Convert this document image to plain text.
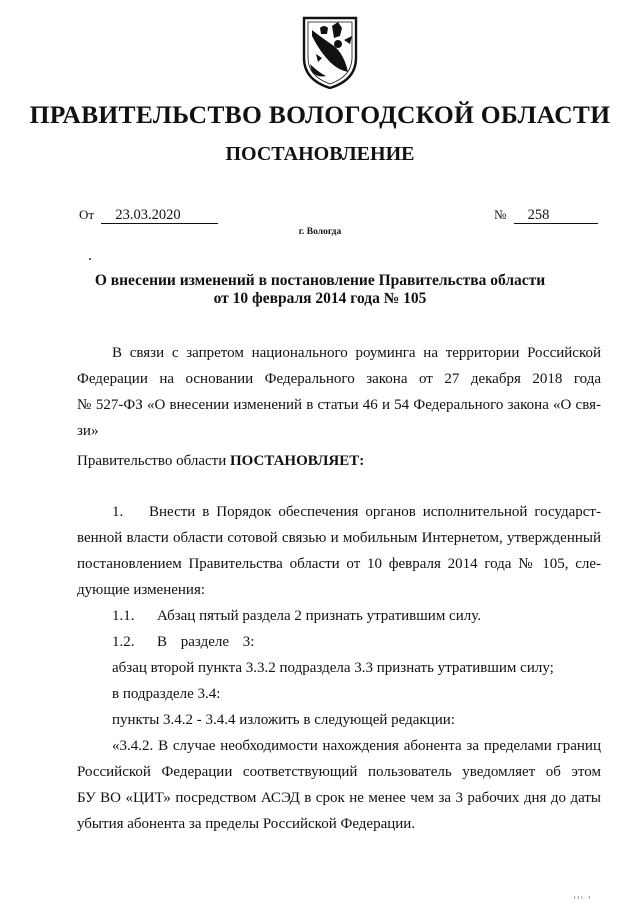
ПРАВИТЕЛЬСТВО ВОЛОГОДСКОЙ ОБЛАСТИ
ПОСТАНОВЛЕНИЕ
От 23.03.2020	№ 258
г. Вологда
О внесении изменений в постановление Правительства области
от 10 февраля 2014 года № 105
В связи с запретом национального роуминга на территории Российской
Федерации на основании Федерального закона от 27 декабря 2018 года
№ 527-ФЗ «О внесении изменений в статьи 46 и 54 Федерального закона «О свя-
зи»
Правительство области ПОСТАНОВЛЯЕТ:
1. Внести в Порядок обеспечения органов исполнительной государст-
венной власти области сотовой связью и мобильным Интернетом, утвержденный
постановлением Правительства области от 10 февраля 2014 года № 105, сле-
дующие изменения:
1.1. Абзац пятый раздела 2 признать утратившим силу.
1.2. В разделе 3:
абзац второй пункта 3.3.2 подраздела 3.3 признать утратившим силу;
в подразделе 3.4:
пункты 3.4.2 - 3.4.4 изложить в следующей редакции:
«3.4.2. В случае необходимости нахождения абонента за пределами границ
Российской Федерации соответствующий пользователь уведомляет об этом
БУ ВО «ЦИТ» посредством АСЭД в срок не менее чем за 3 рабочих дня до даты
убытия абонента за пределы Российской Федерации.
ııı ı
